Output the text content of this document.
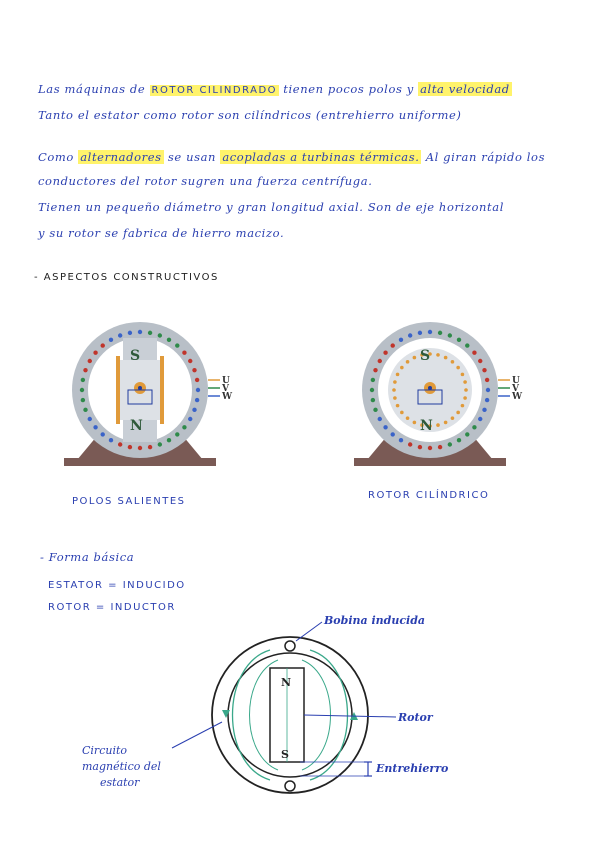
Las máquinas de ROTOR CILINDRADO tienen pocos polos y alta velocidad
Tanto el estator como rotor son cilíndricos (entrehierro uniforme)
Como alternadores se usan acopladas a turbinas térmicas. Al giran rápido los
conductores del rotor sugren una fuerza centrífuga.
Tienen un pequeño diámetro y gran longitud axial. Son de eje horizontal
y su rotor se fabrica de hierro macizo.
- ASPECTOS CONSTRUCTIVOS
S
N
U
V
W
S
N
U
V
W
POLOS SALIENTES
ROTOR CILÍNDRICO
- Forma básica
ESTATOR = INDUCIDO
ROTOR = INDUCTOR
N
S
Bobina inducida
Rotor
Entrehierro
Circuito
magnético del
estator
